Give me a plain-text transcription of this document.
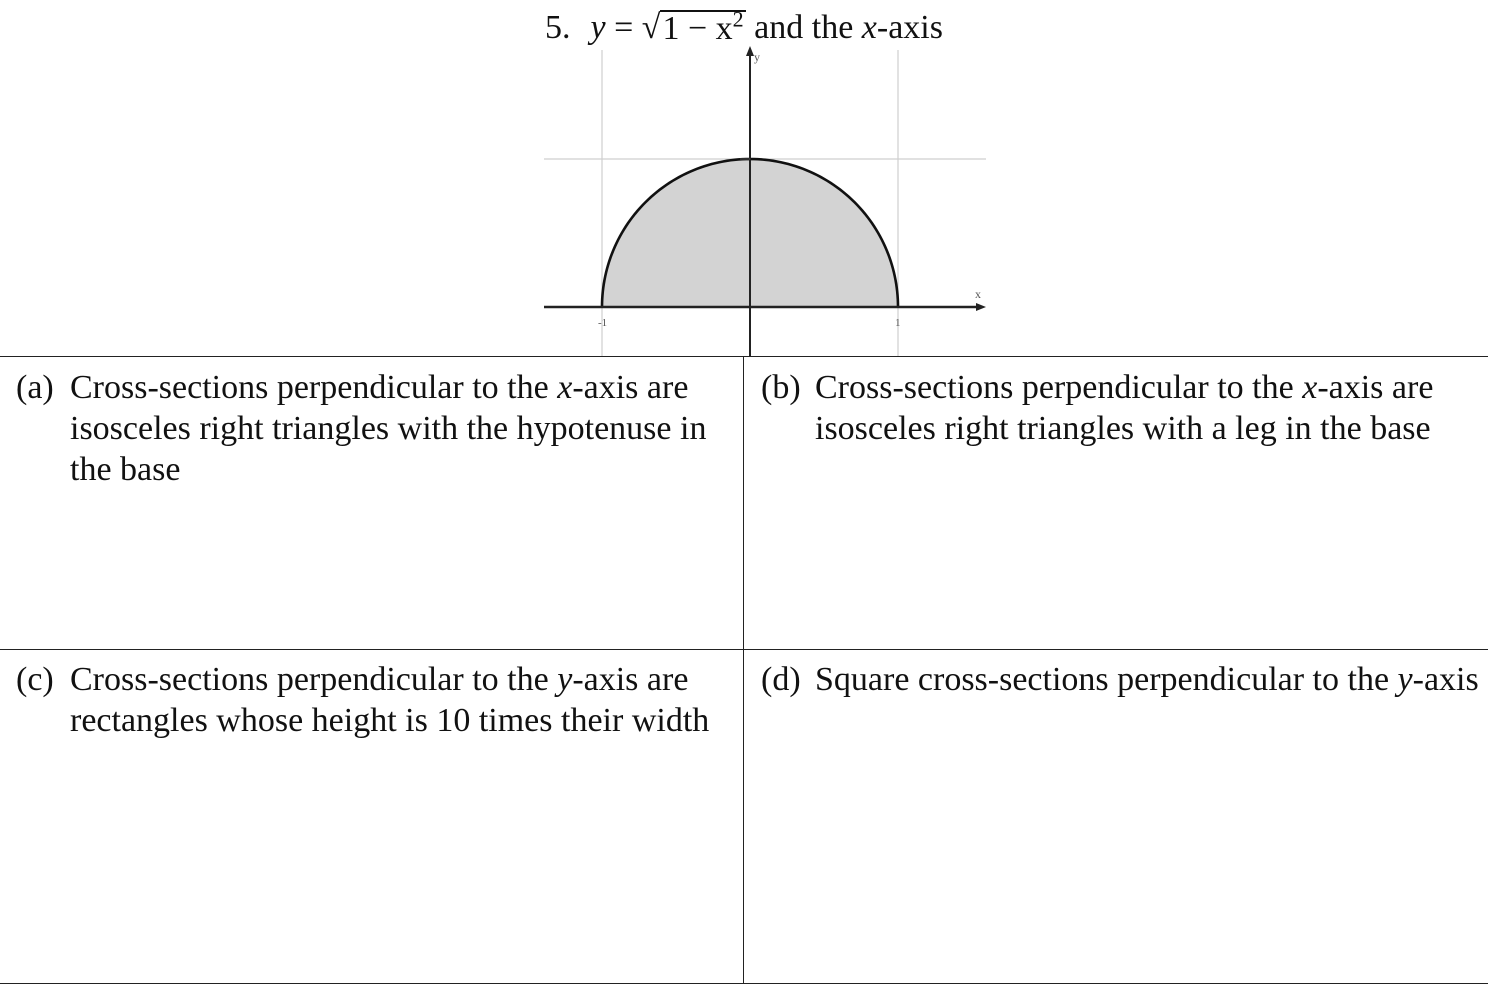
5. $y = √1 - x^2$ and the x-axis
y
x
-1	1
(a) Cross-sections perpendicular to the x-axis are isosceles right triangles with the hypotenuse in the base
(b) Cross-sections perpendicular to the x-axis are isosceles right triangles with a leg in the base
(c) Cross-sections perpendicular to the y-axis are rectangles whose height is 10 times their width
(d) Square cross-sections perpendicular to the y-axis
